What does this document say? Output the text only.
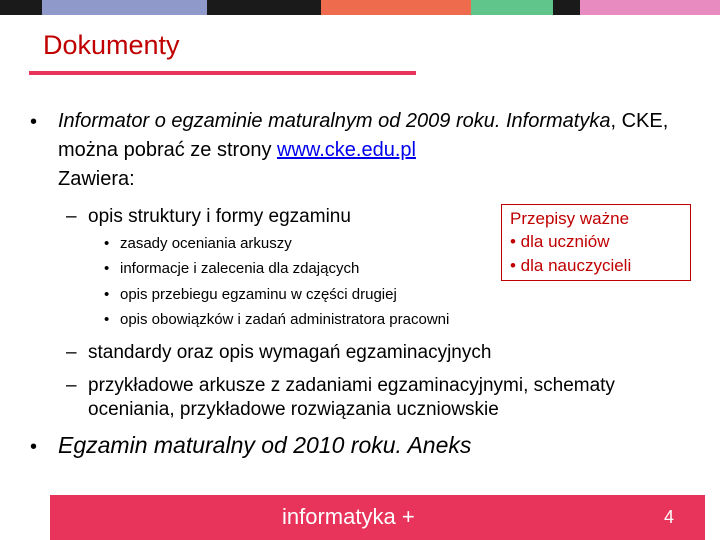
Dokumenty
• Informator o egzaminie maturalnym od 2009 roku. Informatyka, CKE, można pobrać ze strony www.cke.edu.pl
Zawiera:
– opis struktury i formy egzaminu
• zasady oceniania arkuszy
• informacje i zalecenia dla zdających
• opis przebiegu egzaminu w części drugiej
• opis obowiązków i zadań administratora pracowni
Przepisy ważne
• dla uczniów
• dla nauczycieli
– standardy oraz opis wymagań egzaminacyjnych
– przykładowe arkusze z zadaniami egzaminacyjnymi, schematy
oceniania, przykładowe rozwiązania uczniowskie
• Egzamin maturalny od 2010 roku. Aneks
informatyka +	4
